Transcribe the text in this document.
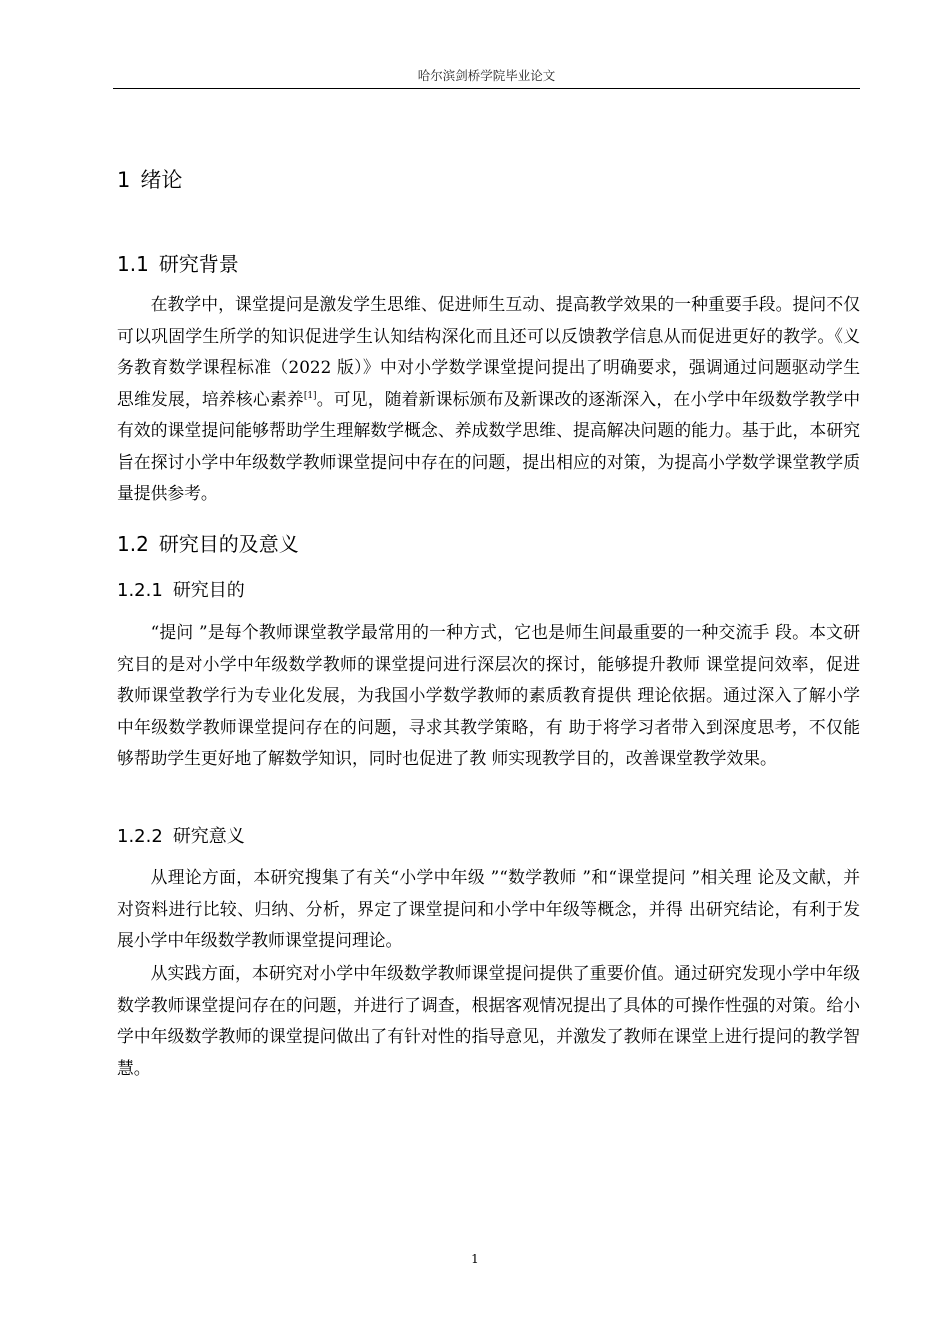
哈尔滨剑桥学院毕业论文
1 绪论
1.1 研究背景

在教学中，课堂提问是激发学生思维、促进师生互动、提高教学效果的一种重要手段。提问不仅可以巩固学生所学的知识促进学生认知结构深化而且还可以反馈教学信息从而促进更好的教学。《义务教育数学课程标准（2022 版）》中对小学数学课堂提问提出了明确要求，强调通过问题驱动学生思维发展，培养核心素养[1]。可见，随着新课标颁布及新课改的逐渐深入，在小学中年级数学教学中有效的课堂提问能够帮助学生理解数学概念、养成数学思维、提高解决问题的能力。基于此，本研究旨在探讨小学中年级数学教师课堂提问中存在的问题，提出相应的对策，为提高小学数学课堂教学质量提供参考。

1.2 研究目的及意义
1.2.1 研究目的

“提问 ”是每个教师课堂教学最常用的一种方式，它也是师生间最重要的一种交流手 段。本文研究目的是对小学中年级数学教师的课堂提问进行深层次的探讨，能够提升教师 课堂提问效率，促进教师课堂教学行为专业化发展，为我国小学数学教师的素质教育提供 理论依据。通过深入了解小学中年级数学教师课堂提问存在的问题，寻求其教学策略，有 助于将学习者带入到深度思考，不仅能够帮助学生更好地了解数学知识，同时也促进了教 师实现教学目的，改善课堂教学效果。

1.2.2 研究意义

从理论方面，本研究搜集了有关“小学中年级 ”“数学教师 ”和“课堂提问 ”相关理 论及文献，并对资料进行比较、归纳、分析，界定了课堂提问和小学中年级等概念，并得 出研究结论，有利于发展小学中年级数学教师课堂提问理论。

从实践方面，本研究对小学中年级数学教师课堂提问提供了重要价值。通过研究发现小学中年级数学教师课堂提问存在的问题，并进行了调查，根据客观情况提出了具体的可操作性强的对策。给小学中年级数学教师的课堂提问做出了有针对性的指导意见，并激发了教师在课堂上进行提问的教学智慧。

1
